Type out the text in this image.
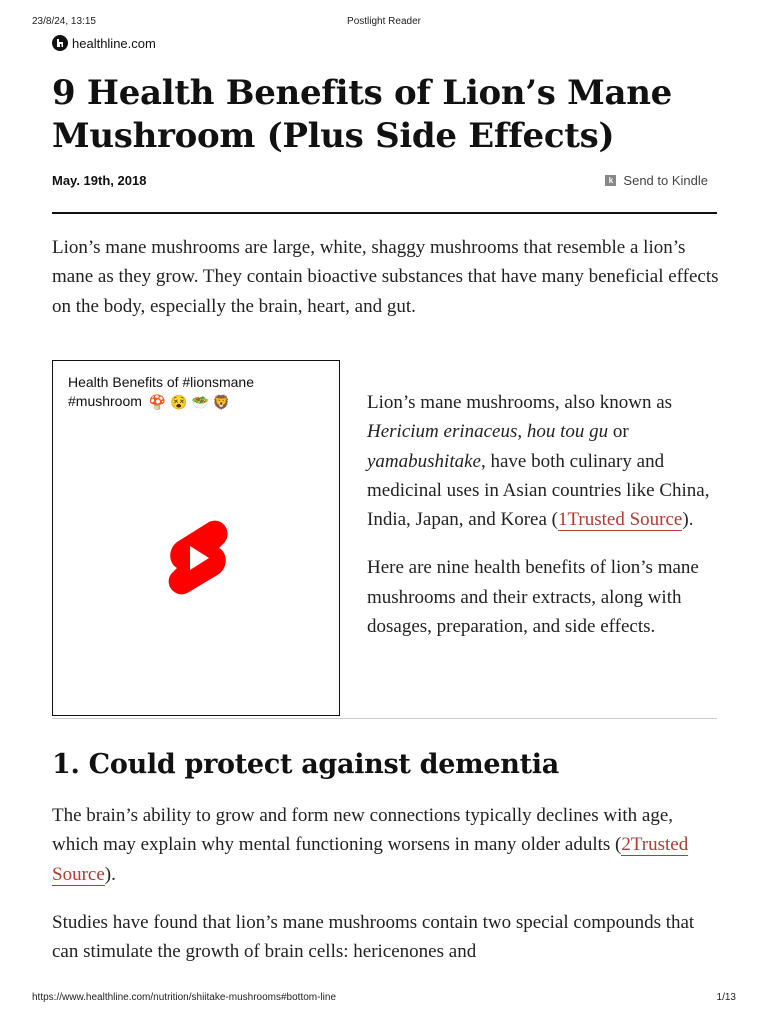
23/8/24, 13:15	Postlight Reader
healthline.com
9 Health Benefits of Lion’s Mane Mushroom (Plus Side Effects)
May. 19th, 2018	k Send to Kindle

Lion’s mane mushrooms are large, white, shaggy mushrooms that resemble a lion’s mane as they grow. They contain bioactive substances that have many beneficial effects on the body, especially the brain, heart, and gut.

Health Benefits of #lionsmane
#mushroom 🍄 😵 🥗 🦁	Lion’s mane mushrooms, also known as Hericium erinaceus, hou tou gu or yamabushitake, have both culinary and medicinal uses in Asian countries like China, India, Japan, and Korea (1Trusted Source).

Here are nine health benefits of lion’s mane mushrooms and their extracts, along with dosages, preparation, and side effects.

1. Could protect against dementia

The brain’s ability to grow and form new connections typically declines with age, which may explain why mental functioning worsens in many older adults (2Trusted Source).

Studies have found that lion’s mane mushrooms contain two special compounds that can stimulate the growth of brain cells: hericenones and

https://www.healthline.com/nutrition/shiitake-mushrooms#bottom-line	1/13
